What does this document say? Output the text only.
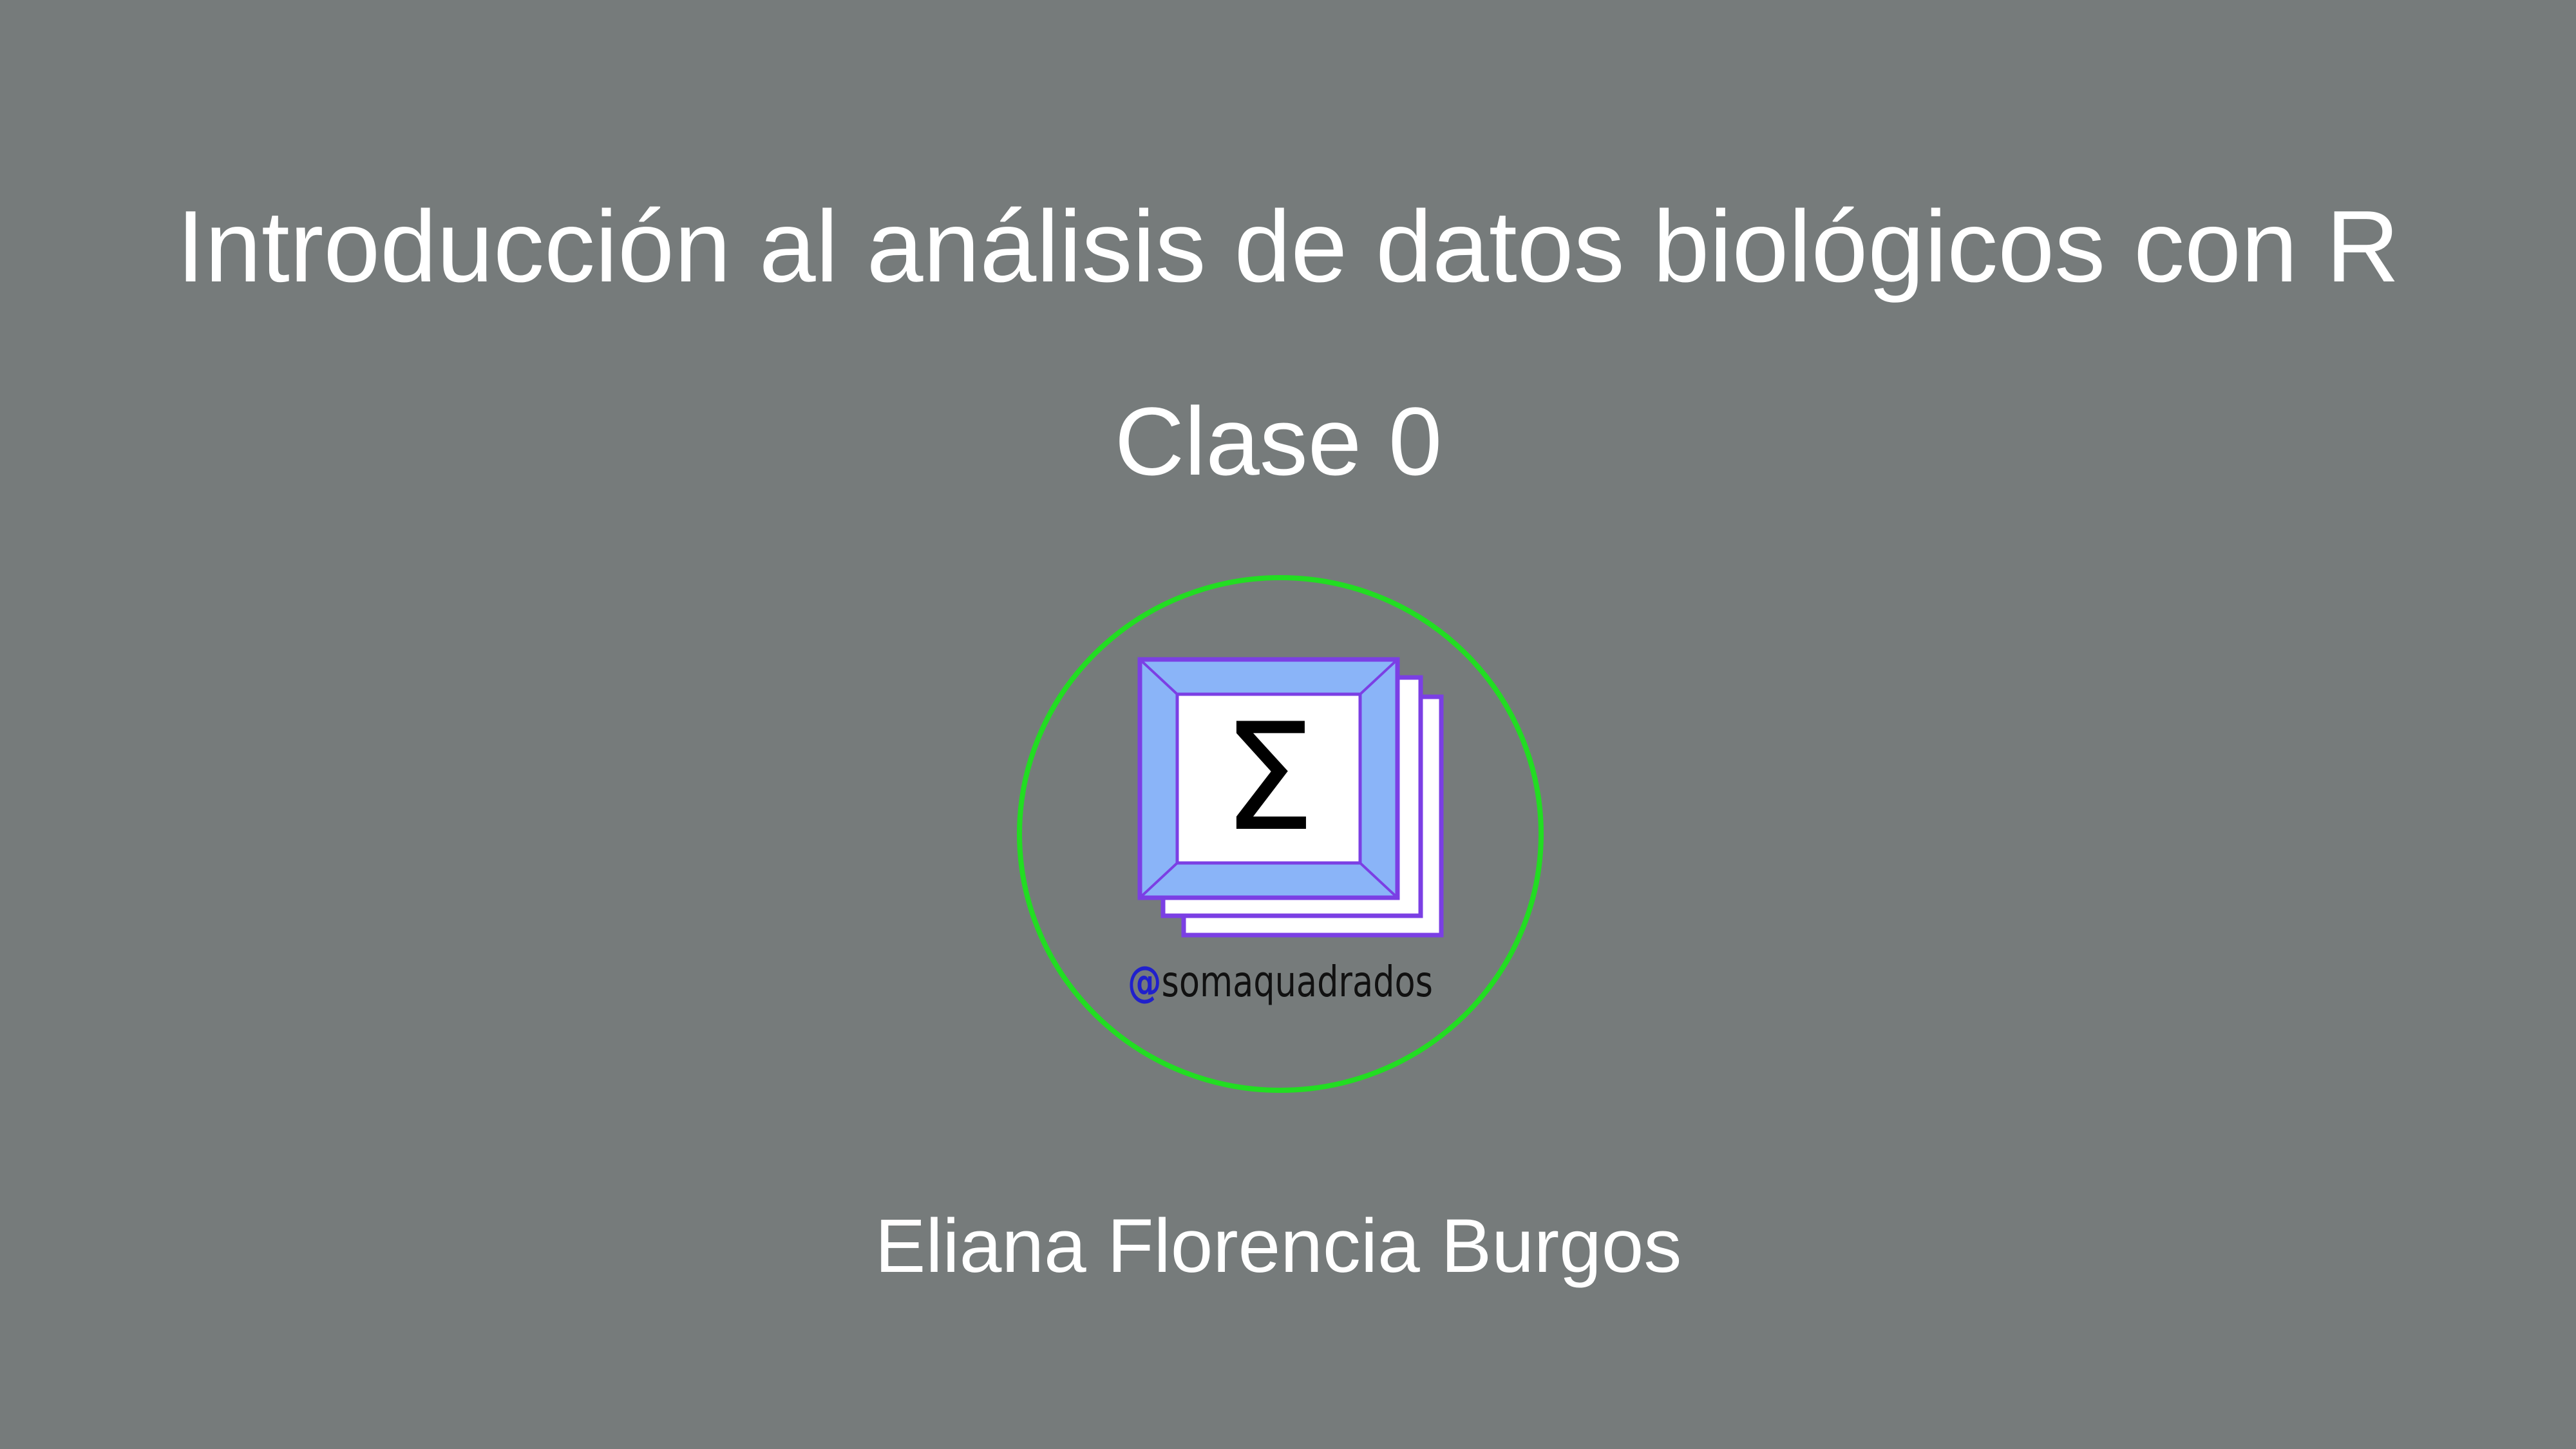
Introducción al análisis de datos biológicos con R
Clase 0
Σ
@somaquadrados
Eliana Florencia Burgos
